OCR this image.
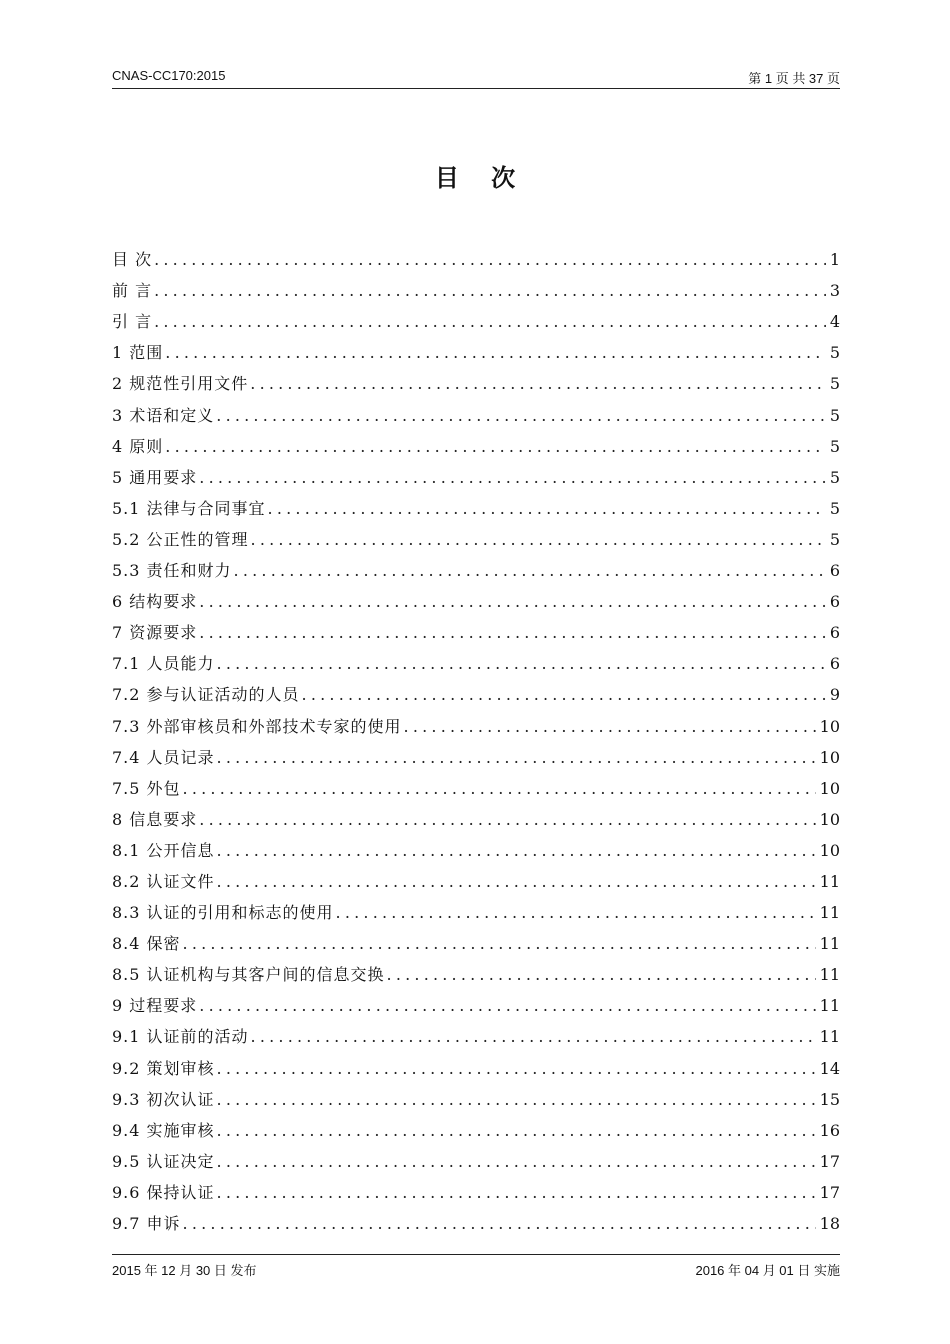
CNAS-CC170:2015	第 1 页 共 37 页
目 次
目 次 .....	1
前 言 .....	3
引 言 .....	4
1 范围 .....	5
2 规范性引用文件 .....	5
3 术语和定义 .....	5
4 原则 .....	5
5 通用要求 .....	5
5.1 法律与合同事宜 .....	5
5.2 公正性的管理 .....	5
5.3 责任和财力 .....	6
6 结构要求 .....	6
7 资源要求 .....	6
7.1 人员能力 .....	6
7.2 参与认证活动的人员 .....	9
7.3 外部审核员和外部技术专家的使用 .....	10
7.4 人员记录 .....	10
7.5 外包 .....	10
8 信息要求 .....	10
8.1 公开信息 .....	10
8.2 认证文件 .....	11
8.3 认证的引用和标志的使用 .....	11
8.4 保密 .....	11
8.5 认证机构与其客户间的信息交换 .....	11
9 过程要求 .....	11
9.1 认证前的活动 .....	11
9.2 策划审核 .....	14
9.3 初次认证 .....	15
9.4 实施审核 .....	16
9.5 认证决定 .....	17
9.6 保持认证 .....	17
9.7 申诉 .....	18
2015 年 12 月 30 日 发布	2016 年 04 月 01 日 实施
